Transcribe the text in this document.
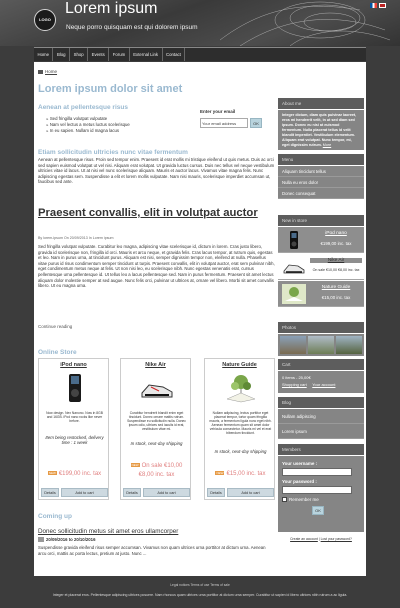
LOGO
Lorem ipsum
Neque porro quisquam est qui dolorem ipsum
Home	Blog	Shop	Events	Forum	External Link	Contact
Home
Lorem ipsum dolor sit amet
Aenean at pellentesque risus
► Sed fringilla volutpat vulputate
► Nam vel lectus a metus luctus scelerisque
► In eu sapien. Nullam id magna lacus
Enter your email
Your email address	OK
Etiam sollicitudin ultricies nunc vitae fermentum
Aenean at pellentesque risus. Proin sed tempor enim. Praesent id erat mollis mi tristique eleifend ut quis metus. Duis ac orci sed sapien euismod volutpat ut vel nisi. Aliquam erat volutpat. Ut gravida luctus cursus. Duis nec tellus vel neque vestibulum ultricies vitae id lacus. Ut at nisi vel nunc scelerisque aliquam. Mauris et auctor lacus. Vivamus vitae magna felis. Nunc adipiscing egestas sem. Suspendisse a elit et lorem mollis vulputate. Nam nisi mauris, scelerisque imperdiet accumsan ut, faucibus sed ante.
Praesent convallis, elit in volutpat auctor
By lorem-ipsum On 20/09/2013 In Lorem ipsum
Sed fringilla volutpat vulputate. Curabitur leo magna, adipiscing vitae scelerisque id, dictum in lorem. Cras justo libero, gravida id scelerisque non, fringilla id orci. Mauris et arcu neque, et gravida felis. Cras lacus tempor, at rutrum quis, egestas et leo. Nam in purus urna, at tincidunt purus. Aliquam est nisi, semper dignissim tempor non, eleifend at nulla. Phasellus vitae purus id risus condimentum semper tincidunt ut turpis. Praesent convallis, elit in volutpat auctor, erat sem pulvinar nibh, eget condimentum metus neque at felis. Ut non nisi leo, eu scelerisque nibh. Nunc egestas venenatis erat, cursus pellentesque urna pellentesque id. Ut tellus leo a lacus pellentesque sed. Nam in purus fermentum. Praesent sit amet lectus aliquam dolor molestie semper at sed augue. Nunc felis orci, pulvinar ut ultrices at, ornare vel libero. Morbi sit amet convallis libero. Ut eu magna urna.
Continue reading
Online Store
iPod nano
Now design. Nex Nanono. Now in 8GB and 16GB. iPod nano rocks like never before.
Item being restocked, delivery time : 1 week
NEW €199,00 inc. tax
Details	Add to cart
Nike Air
Curabitur hendrerit blandit enim eget tincidunt. Donec ornare mattis rutrum. Suspendisse eu sollicitudin nulla. Donec ipsum odio, ultrices sed iaculis id erat, vestibulum vitae mi.
In stock, next-day shipping
NEW On sale €10,00
€8,00 inc. tax
Details	Add to cart
Nature Guide
Nullam adipiscing, lectus porttitor eget placerat tempor, tortor quam fringilla mauris, a fermentum ligula nunc eget nibh. Aenean fermentum quam sit amet dolor vehicula consectetur. Mauris mi vel et erat bibendum tincidunt.
In stock, next-day shipping
NEW €15,00 inc. tax
Details	Add to cart
Coming up
Donec sollicitudin metus sit amet eros ullamcorper
20/09/2016 to 20/10/2016
Suspendisse gravida eleifend risus semper accumsan. Vivamus non quam ultrices urna porttitor at dictum urna. Aenean arcu orci, mattis ac porta lectus, pretium at justo. Nunc ...
About me
Integer dictum, diam quis pulvinar laoreet, eros mi hendrerit velit, in ut sed diam sed ipsum. Donec eu nisi at euismod fermentum. Nulla placerat tellus id velit blandit imperdiet. Vestibulum elementum. Aliquam erat volutpat. Nunc tempor, mi, eget dignissim rutrum. More
Menu
Aliquam tincidunt tellus
Nulla eu eros dolor
Donec consequat
New in store
iPod nano
€199,00 inc. tax
Nike Air
On sale €10,00 €8,00 inc. tax
Nature Guide
€15,00 inc. tax
Photos
Cart
0 items - 25,00€
Shopping cart Your account
Blog
Nullam adipiscing
Lorem ipsum
Members
Your username :
Your password :
Remember me
OK
Create an account | Lost your password?
Legal notices Terms of use Terms of sale
Integer et placerat eros. Pellentesque adipiscing ultrices posuere. Nam rhoncus quam ultrices urna porttitor at dictum urna semper. Curabitur ut sapien id libero ultrices nibh rutrum a ac ligula.
